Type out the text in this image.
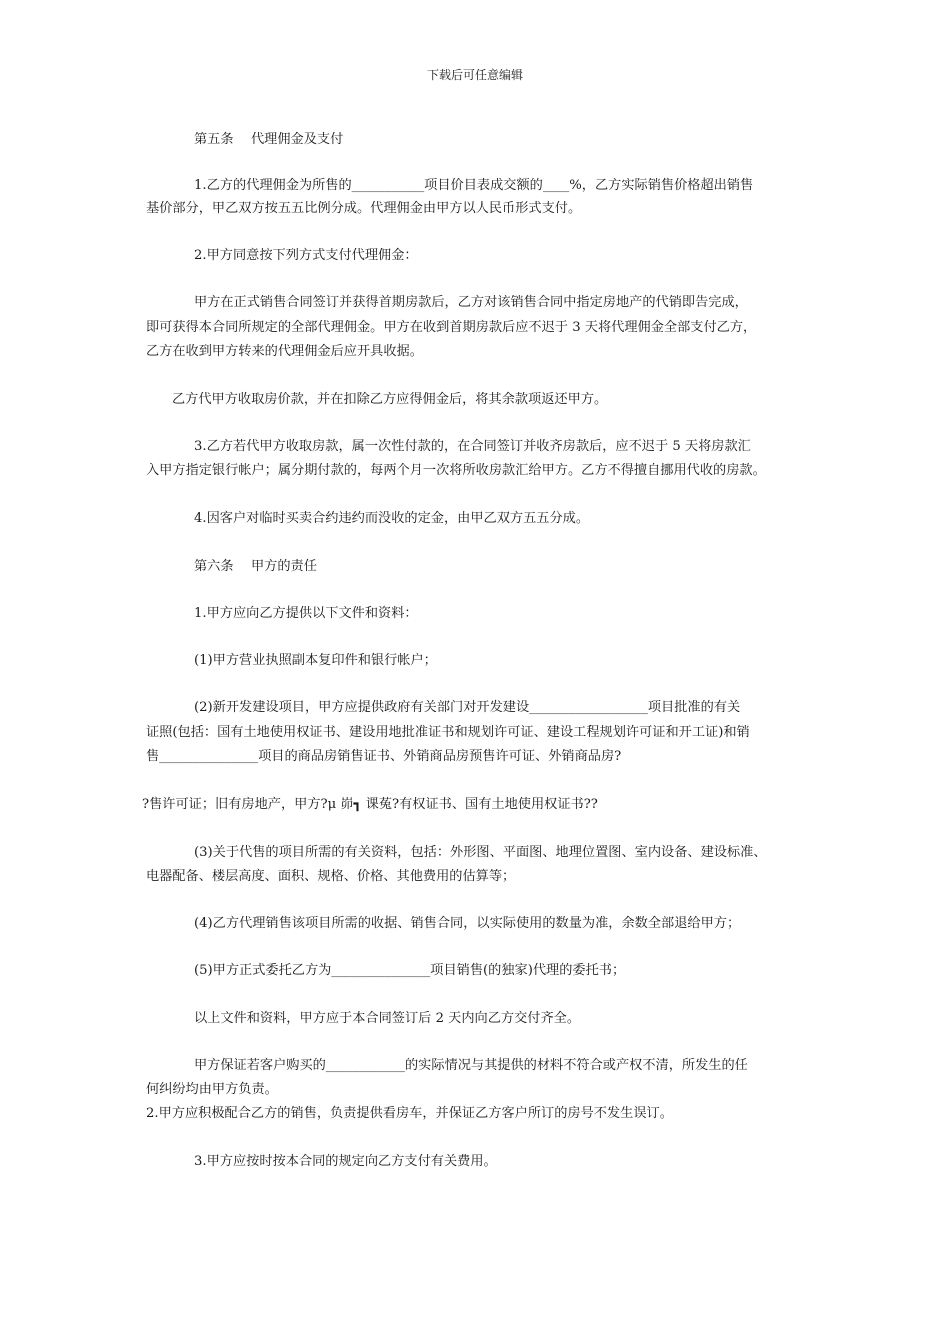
下载后可任意编辑
第五条　 代理佣金及支付
1.乙方的代理佣金为所售的___________项目价目表成交额的____%，乙方实际销售价格超出销售
基价部分，甲乙双方按五五比例分成。代理佣金由甲方以人民币形式支付。
2.甲方同意按下列方式支付代理佣金：
甲方在正式销售合同签订并获得首期房款后，乙方对该销售合同中指定房地产的代销即告完成，
即可获得本合同所规定的全部代理佣金。甲方在收到首期房款后应不迟于 3 天将代理佣金全部支付乙方，
乙方在收到甲方转来的代理佣金后应开具收据。
乙方代甲方收取房价款，并在扣除乙方应得佣金后，将其余款项返还甲方。
3.乙方若代甲方收取房款，属一次性付款的，在合同签订并收齐房款后，应不迟于 5 天将房款汇
入甲方指定银行帐户；属分期付款的，每两个月一次将所收房款汇给甲方。乙方不得擅自挪用代收的房款。
4.因客户对临时买卖合约违约而没收的定金，由甲乙双方五五分成。
第六条　 甲方的责任
1.甲方应向乙方提供以下文件和资料：
(1)甲方营业执照副本复印件和银行帐户；
(2)新开发建设项目，甲方应提供政府有关部门对开发建设__________________项目批准的有关
证照(包括：国有土地使用权证书、建设用地批准证书和规划许可证、建设工程规划许可证和开工证)和销
售_______________项目的商品房销售证书、外销商品房预售许可证、外销商品房?
?售许可证；旧有房地产，甲方?μ 峁┓ 课菟?有权证书、国有土地使用权证书??
(3)关于代售的项目所需的有关资料，包括：外形图、平面图、地理位置图、室内设备、建设标准、
电器配备、楼层高度、面积、规格、价格、其他费用的估算等；
(4)乙方代理销售该项目所需的收据、销售合同，以实际使用的数量为准，余数全部退给甲方；
(5)甲方正式委托乙方为_______________项目销售(的独家)代理的委托书；
以上文件和资料，甲方应于本合同签订后 2 天内向乙方交付齐全。
甲方保证若客户购买的____________的实际情况与其提供的材料不符合或产权不清，所发生的任
何纠纷均由甲方负责。
2.甲方应积极配合乙方的销售，负责提供看房车，并保证乙方客户所订的房号不发生误订。
3.甲方应按时按本合同的规定向乙方支付有关费用。
